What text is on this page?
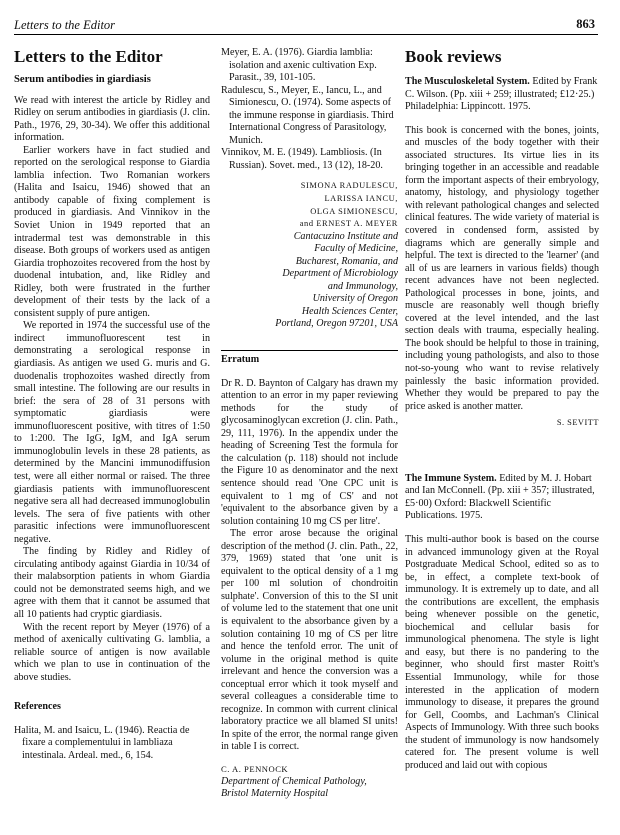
Letters to the Editor	863
Letters to the Editor
Serum antibodies in giardiasis

We read with interest the article by Ridley and Ridley on serum antibodies in giardiasis (J. clin. Path., 1976, 29, 30-34). We offer this additional information.

Earlier workers have in fact studied and reported on the serological response to Giardia lamblia infection. Two Romanian workers (Halita and Isaicu, 1946) showed that an antibody capable of fixing complement is produced in giardiasis. And Vinnikov in the Soviet Union in 1949 reported that an intradermal test was demonstrable in this disease. Both groups of workers used as antigen Giardia trophozoites recovered from the host by duodenal intubation, and, like Ridley and Ridley, both were frustrated in the further development of their tests by the lack of a consistent supply of pure antigen.

We reported in 1974 the successful use of the indirect immunofluorescent test in demonstrating a serological response in giardiasis. As antigen we used G. muris and G. duodenalis trophozoites washed directly from small intestine. The following are our results in brief: the sera of 28 of 31 persons with symptomatic giardiasis were immunofluorescent positive, with titres of 1:50 to 1:200. The IgG, IgM, and IgA serum immunoglobulin levels in these 28 patients, as determined by the Mancini immunodiffusion test, were all either normal or raised. The three giardiasis patients with immunofluorescent negative sera all had decreased immunoglobulin levels. The sera of five patients with other parasitic infections were immunofluorescent negative.

The finding by Ridley and Ridley of circulating antibody against Giardia in 10/34 of their malabsorption patients in whom Giardia could not be demonstrated seems high, and we agree with them that it cannot be assumed that all 10 patients had cryptic giardiasis.

With the recent report by Meyer (1976) of a method of axenically cultivating G. lamblia, a reliable source of antigen is now available which we plan to use in continuation of the above studies.

References

Halita, M. and Isaicu, L. (1946). Reactia de fixare a complementului in lambliaza intestinala. Ardeal. med., 6, 154.

Meyer, E. A. (1976). Giardia lamblia: isolation and axenic cultivation Exp. Parasit., 39, 101-105.

Radulescu, S., Meyer, E., Iancu, L., and Simionescu, O. (1974). Some aspects of the immune response in giardiasis. Third International Congress of Parasitology, Munich.

Vinnikov, M. E. (1949). Lambliosis. (In Russian). Sovet. med., 13 (12), 18-20.

SIMONA RADULESCU,
LARISSA IANCU,
OLGA SIMIONESCU,
and ERNEST A. MEYER
Cantacuzino Institute and
Faculty of Medicine,
Bucharest, Romania, and
Department of Microbiology
and Immunology,
University of Oregon
Health Sciences Center,
Portland, Oregon 97201, USA
Erratum

Dr R. D. Baynton of Calgary has drawn my attention to an error in my paper reviewing methods for the study of glycosaminoglycan excretion (J. clin. Path., 29, 111, 1976). In the appendix under the heading of Screening Test the formula for the calculation (p. 118) should not include the Figure 10 as denominator and the next sentence should read 'One CPC unit is equivalent to 1 mg of CS' and not 'equivalent to the absorbance given by a solution containing 10 mg CS per litre'.

The error arose because the original description of the method (J. clin. Path., 22, 379, 1969) stated that 'one unit is equivalent to the optical density of a 1 mg per 100 ml solution of chondroitin sulphate'. Conversion of this to the SI unit of volume led to the statement that one unit is equivalent to the absorbance given by a solution containing 10 mg of CS per litre and hence the tenfold error. The unit of volume in the original method is quite irrelevant and hence the conversion was a conceptual error which it took myself and several colleagues a considerable time to recognize. In common with current clinical laboratory practice we all blamed SI units! In spite of the error, the normal range given in table I is correct.

C. A. PENNOCK
Department of Chemical Pathology,
Bristol Maternity Hospital
Book reviews

The Musculoskeletal System. Edited by Frank C. Wilson. (Pp. xiii + 259; illustrated; £12·25.) Philadelphia: Lippincott. 1975.

This book is concerned with the bones, joints, and muscles of the body together with their associated structures. Its virtue lies in its bringing together in an accessible and readable form the important aspects of their embryology, anatomy, histology, and physiology together with relevant pathological changes and selected clinical features. The wide variety of material is covered in condensed form, assisted by diagrams which are generally simple and helpful. The text is directed to the 'learner' (and all of us are learners in various fields) though recent advances have not been neglected. Pathological processes in bone, joints, and muscle are reasonably well though briefly covered at the level intended, and the last section deals with trauma, especially healing. The book should be helpful to those in training, including young pathologists, and also to those not-so-young who want to revise relatively painlessly the basic information provided. Whether they would be prepared to pay the price asked is another matter.

S. SEVITT

The Immune System. Edited by M. J. Hobart and Ian McConnell. (Pp. xiii + 357; illustrated, £5·00) Oxford: Blackwell Scientific Publications. 1975.

This multi-author book is based on the course in advanced immunology given at the Royal Postgraduate Medical School, edited so as to be, in effect, a complete text-book of immunology. It is extremely up to date, and all the contributions are excellent, the emphasis being whenever possible on the genetic, biochemical and cellular basis for immunological phenomena. The style is light and easy, but there is no pandering to the beginner, who should first master Roitt's Essential Immunology, while for those interested in the application of modern immunology to disease, it prepares the ground for Gell, Coombs, and Lachman's Clinical Aspects of Immunology. With three such books the student of immunology is now handsomely catered for. The present volume is well produced and laid out with copious
